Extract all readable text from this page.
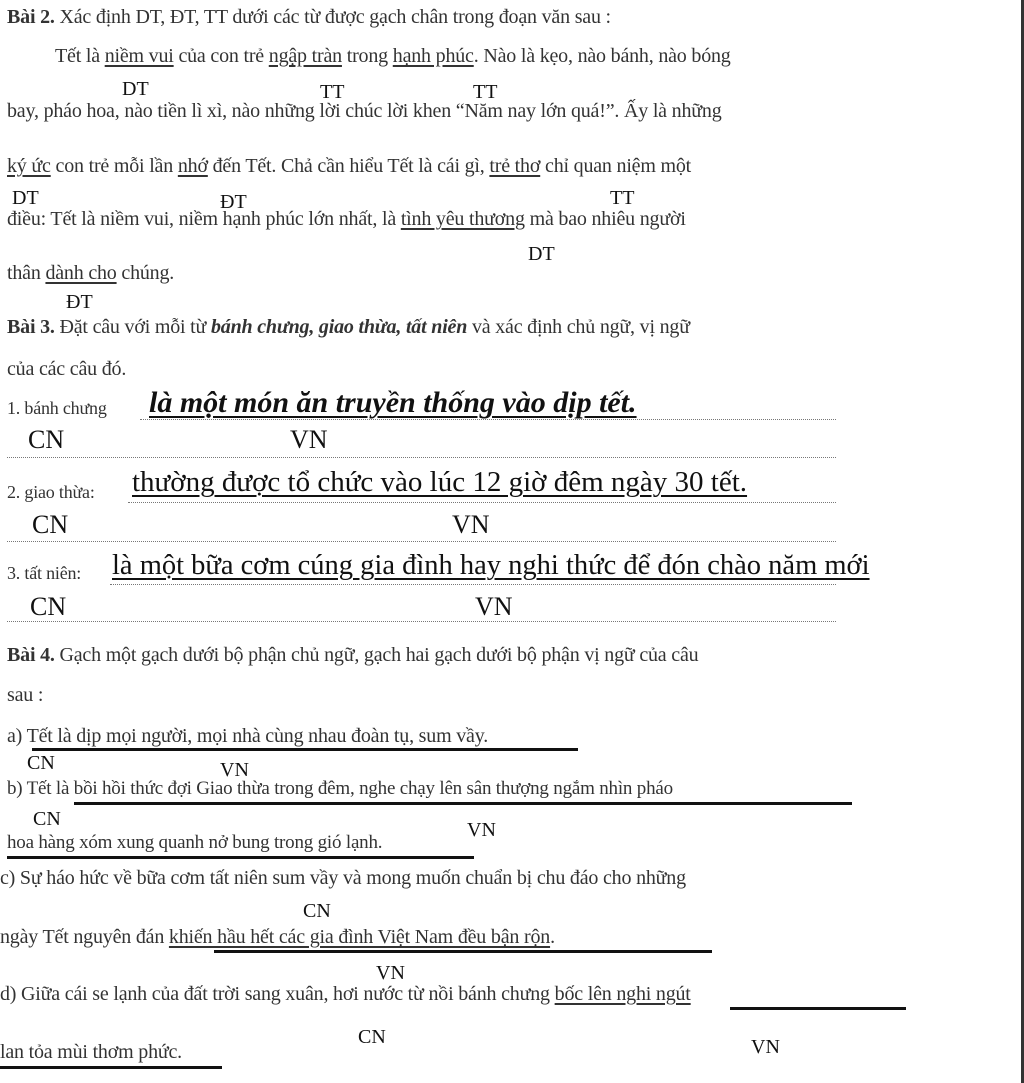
Bài 2. Xác định DT, ĐT, TT dưới các từ được gạch chân trong đoạn văn sau :
Tết là niềm vui của con trẻ ngập tràn trong hạnh phúc. Nào là kẹo, nào bánh, nào bóng
DT	TT	TT
bay, pháo hoa, nào tiền lì xì, nào những lời chúc lời khen “Năm nay lớn quá!”. Ấy là những
ký ức con trẻ mỗi lần nhớ đến Tết. Chả cần hiểu Tết là cái gì, trẻ thơ chỉ quan niệm một
DT	ĐT	TT
điều: Tết là niềm vui, niềm hạnh phúc lớn nhất, là tình yêu thương mà bao nhiêu người
DT
thân dành cho chúng.
ĐT
Bài 3. Đặt câu với mỗi từ bánh chưng, giao thừa, tất niên và xác định chủ ngữ, vị ngữ
của các câu đó.
1. bánh chưng là một món ăn truyền thống vào dịp tết.
CN	VN
2. giao thừa: thường được tổ chức vào lúc 12 giờ đêm ngày 30 tết.
CN	VN
3. tất niên: là một bữa cơm cúng gia đình hay nghi thức để đón chào năm mới
CN	VN
Bài 4. Gạch một gạch dưới bộ phận chủ ngữ, gạch hai gạch dưới bộ phận vị ngữ của câu
sau :
a) Tết là dịp mọi người, mọi nhà cùng nhau đoàn tụ, sum vầy.
CN	VN
b) Tết là bồi hồi thức đợi Giao thừa trong đêm, nghe chạy lên sân thượng ngắm nhìn pháo
CN
hoa hàng xóm xung quanh nở bung trong gió lạnh.
VN
c) Sự háo hức về bữa cơm tất niên sum vầy và mong muốn chuẩn bị chu đáo cho những
CN
ngày Tết nguyên đán khiến hầu hết các gia đình Việt Nam đều bận rộn.
VN
d) Giữa cái se lạnh của đất trời sang xuân, hơi nước từ nồi bánh chưng bốc lên nghi ngút
CN	VN
lan tỏa mùi thơm phức.
